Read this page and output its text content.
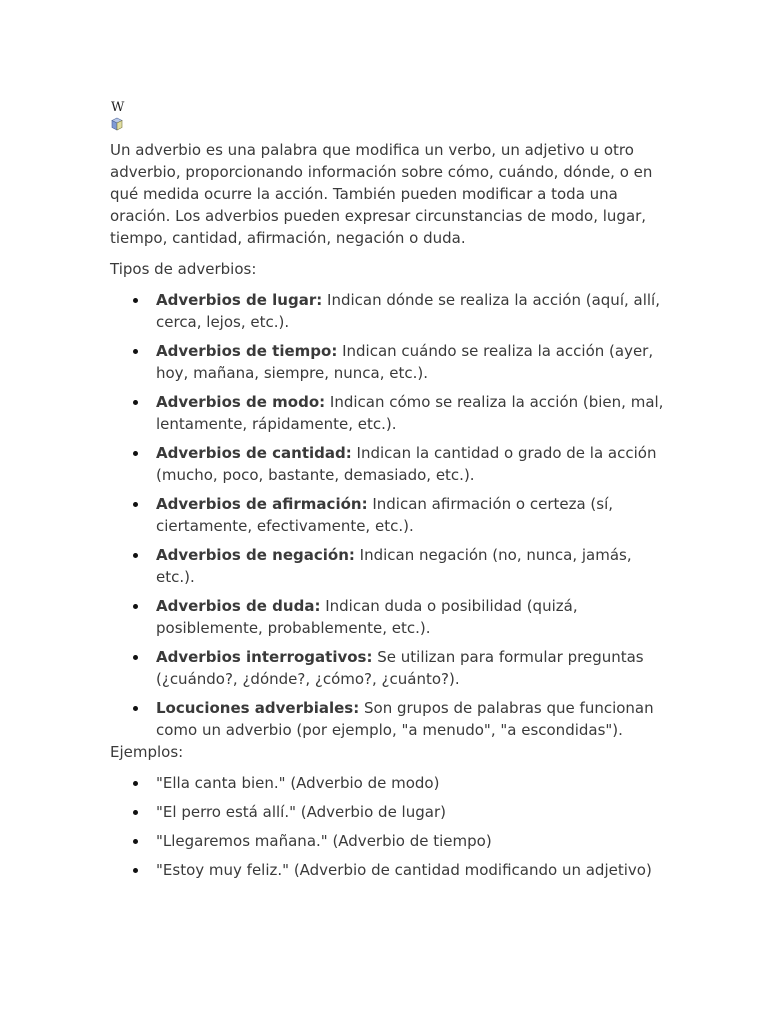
W

Un adverbio es una palabra que modifica un verbo, un adjetivo u otro adverbio, proporcionando información sobre cómo, cuándo, dónde, o en qué medida ocurre la acción. También pueden modificar a toda una oración. Los adverbios pueden expresar circunstancias de modo, lugar, tiempo, cantidad, afirmación, negación o duda.

Tipos de adverbios:

Adverbios de lugar: Indican dónde se realiza la acción (aquí, allí, cerca, lejos, etc.).
Adverbios de tiempo: Indican cuándo se realiza la acción (ayer, hoy, mañana, siempre, nunca, etc.).
Adverbios de modo: Indican cómo se realiza la acción (bien, mal, lentamente, rápidamente, etc.).
Adverbios de cantidad: Indican la cantidad o grado de la acción (mucho, poco, bastante, demasiado, etc.).
Adverbios de afirmación: Indican afirmación o certeza (sí, ciertamente, efectivamente, etc.).
Adverbios de negación: Indican negación (no, nunca, jamás, etc.).
Adverbios de duda: Indican duda o posibilidad (quizá, posiblemente, probablemente, etc.).
Adverbios interrogativos: Se utilizan para formular preguntas (¿cuándo?, ¿dónde?, ¿cómo?, ¿cuánto?).
Locuciones adverbiales: Son grupos de palabras que funcionan como un adverbio (por ejemplo, "a menudo", "a escondidas").

Ejemplos:

"Ella canta bien." (Adverbio de modo)
"El perro está allí." (Adverbio de lugar)
"Llegaremos mañana." (Adverbio de tiempo)
"Estoy muy feliz." (Adverbio de cantidad modificando un adjetivo)
